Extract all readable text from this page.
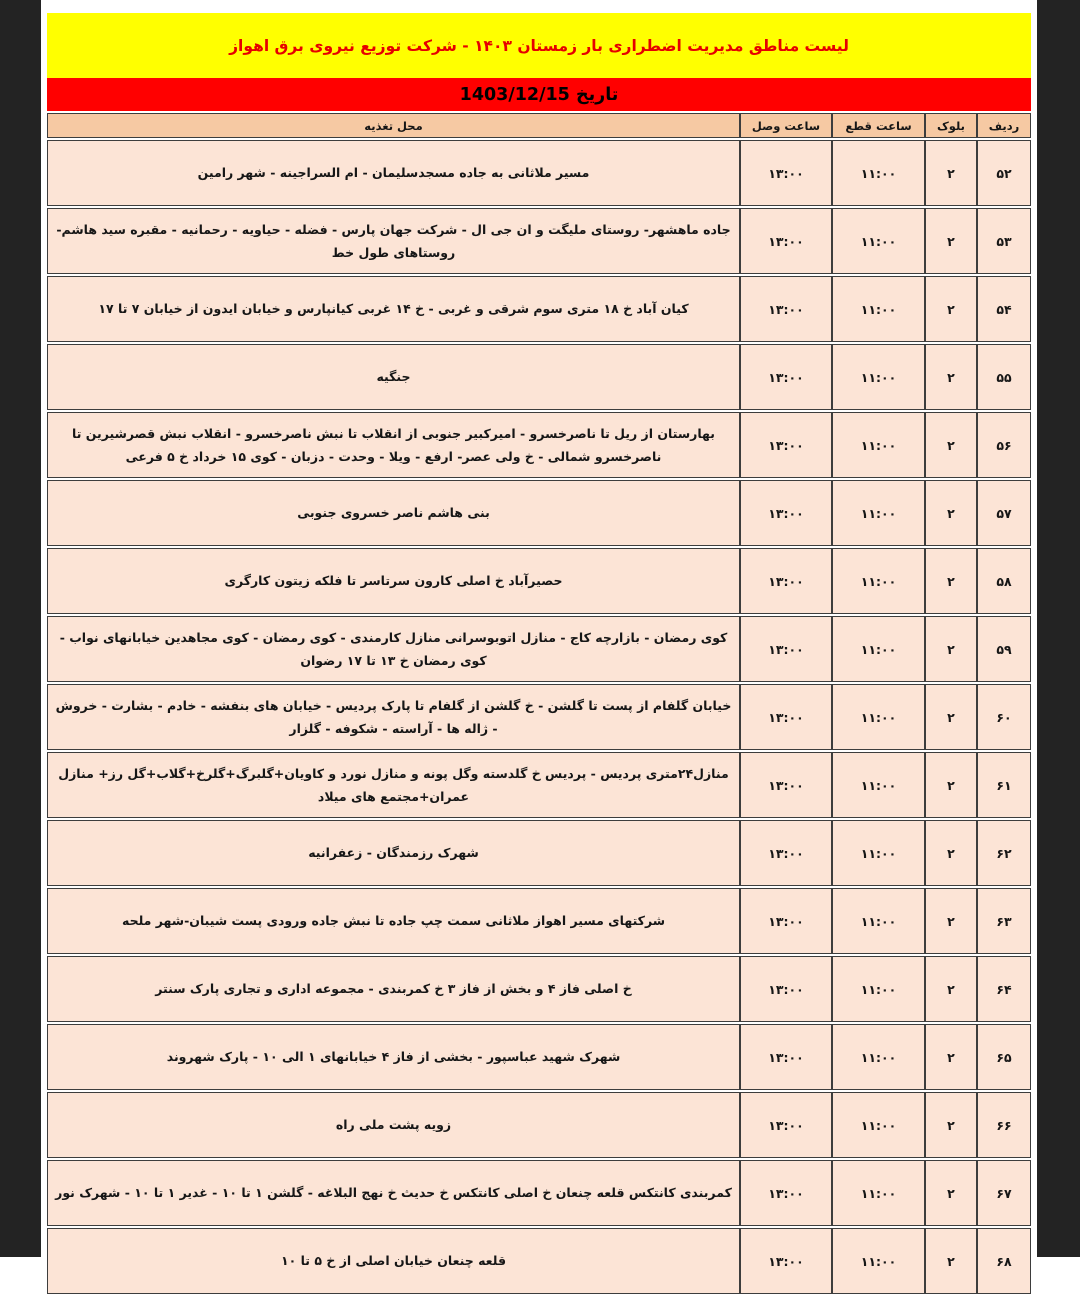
لیست مناطق مدیریت اضطراری بار زمستان ۱۴۰۳ - شرکت توزیع نیروی برق اهواز
تاریخ 1403/12/15
ردیف	بلوک	ساعت قطع	ساعت وصل	محل تغذیه
۵۲	۲	۱۱:۰۰	۱۳:۰۰	مسیر ملاثانی به جاده مسجدسلیمان - ام السراجینه - شهر رامین
۵۳	۲	۱۱:۰۰	۱۳:۰۰	جاده ماهشهر- روستای ملیگت و ان جی ال - شرکت جهان پارس - فضله - حیاویه - رحمانیه - مقبره سید هاشم- روستاهای طول خط
۵۴	۲	۱۱:۰۰	۱۳:۰۰	کیان آباد خ ۱۸ متری سوم شرقی و غربی - خ ۱۴ غربی کیانپارس و خیابان ایدون از خیابان ۷ تا ۱۷
۵۵	۲	۱۱:۰۰	۱۳:۰۰	جنگیه
۵۶	۲	۱۱:۰۰	۱۳:۰۰	بهارستان از ریل تا ناصرخسرو - امیرکبیر جنوبی از انقلاب تا نبش ناصرخسرو - انقلاب نبش قصرشیرین تا ناصرخسرو شمالی - خ ولی عصر- ارفع - ویلا - وحدت - دزبان - کوی ۱۵ خرداد خ ۵ فرعی
۵۷	۲	۱۱:۰۰	۱۳:۰۰	بنی هاشم ناصر خسروی جنوبی
۵۸	۲	۱۱:۰۰	۱۳:۰۰	حصیرآباد خ اصلی کارون سرتاسر تا فلکه زیتون کارگری
۵۹	۲	۱۱:۰۰	۱۳:۰۰	کوی رمضان - بازارچه کاج - منازل اتوبوسرانی منازل کارمندی - کوی رمضان - کوی مجاهدین خیابانهای نواب - کوی رمضان خ ۱۳ تا ۱۷ رضوان
۶۰	۲	۱۱:۰۰	۱۳:۰۰	خیابان گلفام از پست تا گلشن - خ گلشن از گلفام تا پارک پردیس - خیابان های بنفشه - خادم - بشارت - خروش - ژاله ها - آراسته - شکوفه - گلزار
۶۱	۲	۱۱:۰۰	۱۳:۰۰	منازل۲۴متری پردیس - پردیس خ گلدسته وگل پونه و منازل نورد و کاویان+گلبرگ+گلرخ+گلاب+گل رز+ منازل عمران+مجتمع های میلاد
۶۲	۲	۱۱:۰۰	۱۳:۰۰	شهرک رزمندگان - زعفرانیه
۶۳	۲	۱۱:۰۰	۱۳:۰۰	شرکتهای مسیر اهواز ملاثانی سمت چپ جاده تا نبش جاده ورودی پست شیبان-شهر ملحه
۶۴	۲	۱۱:۰۰	۱۳:۰۰	خ اصلی فاز ۴ و بخش از فاز ۳ خ کمربندی - مجموعه اداری و تجاری پارک سنتر
۶۵	۲	۱۱:۰۰	۱۳:۰۰	شهرک شهید عباسپور - بخشی از فاز ۴ خیابانهای ۱ الی ۱۰ - پارک شهروند
۶۶	۲	۱۱:۰۰	۱۳:۰۰	زویه پشت ملی راه
۶۷	۲	۱۱:۰۰	۱۳:۰۰	کمربندی کانتکس قلعه چنعان خ اصلی کانتکس خ حدیث خ نهج البلاغه - گلشن ۱ تا ۱۰ - غدیر ۱ تا ۱۰ - شهرک نور
۶۸	۲	۱۱:۰۰	۱۳:۰۰	قلعه چنعان خیابان اصلی از خ ۵ تا ۱۰
